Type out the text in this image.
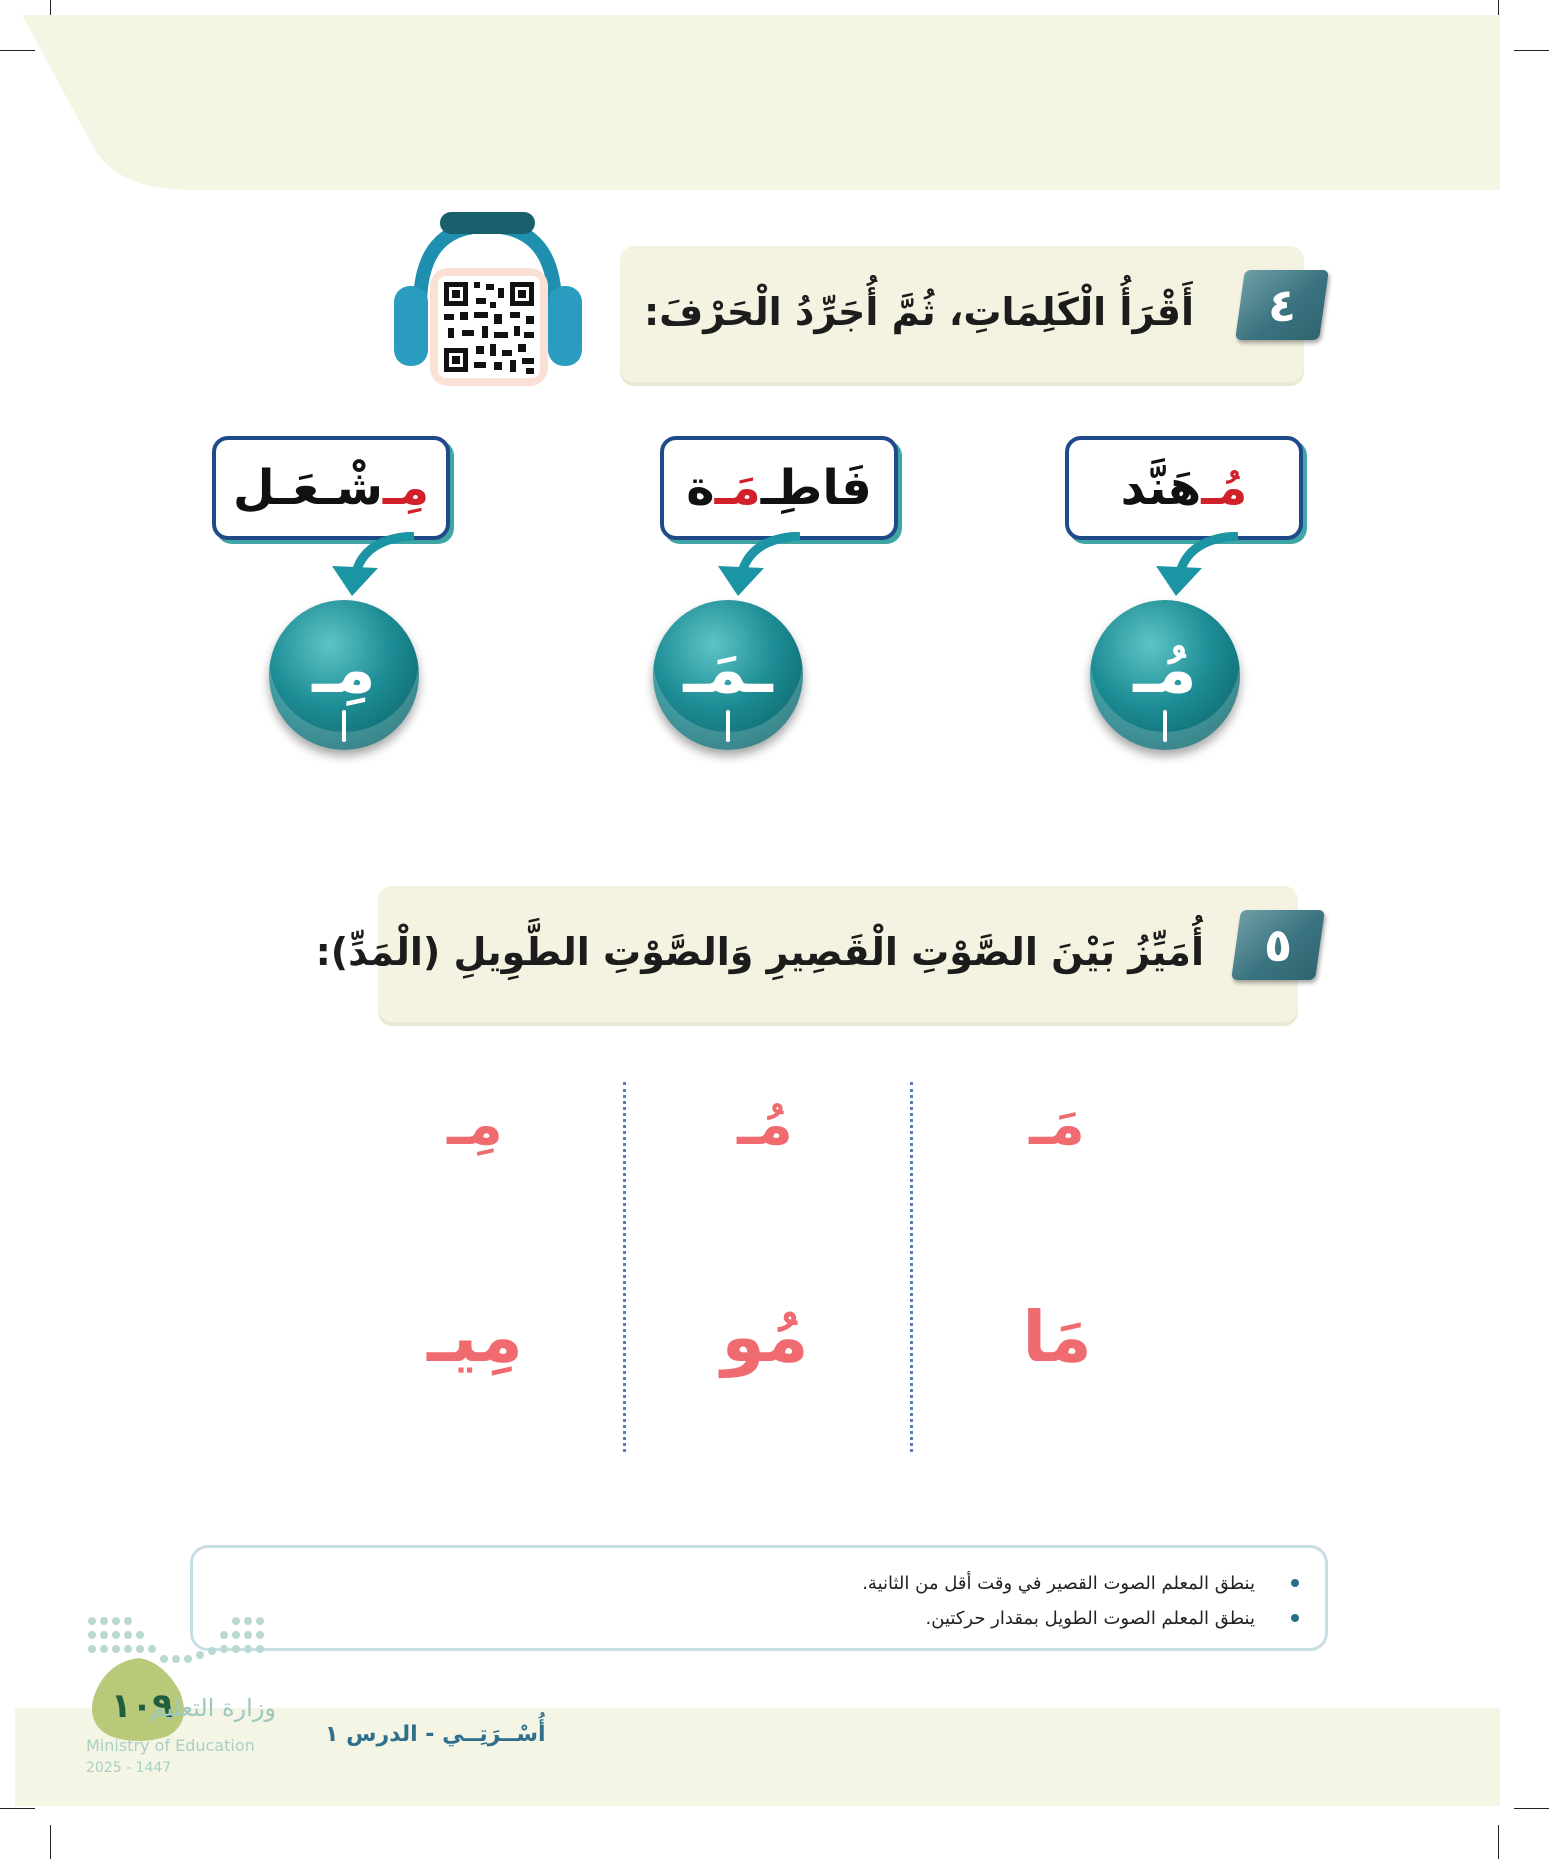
٤
أَقْرَأُ الْكَلِمَاتِ، ثُمَّ أُجَرِّدُ الْحَرْفَ:
مُـ
هَنَّد
فَاطِـ
مَـ
ة
مِـ
شْـعَـل
مُـ
ـمَـ
مِـ
٥
أُمَيِّزُ بَيْنَ الصَّوْتِ الْقَصِيرِ وَالصَّوْتِ الطَّوِيلِ (الْمَدِّ):
مَـ
مُـ
مِـ
مَا
مُو
مِيـ
ينطق المعلم الصوت القصير في وقت أقل من الثانية.
ينطق المعلم الصوت الطويل بمقدار حركتين.
١٠٩
وزارة التعليم
Ministry of Education
2025 - 1447
أُسْــرَتِــي - الدرس ١
